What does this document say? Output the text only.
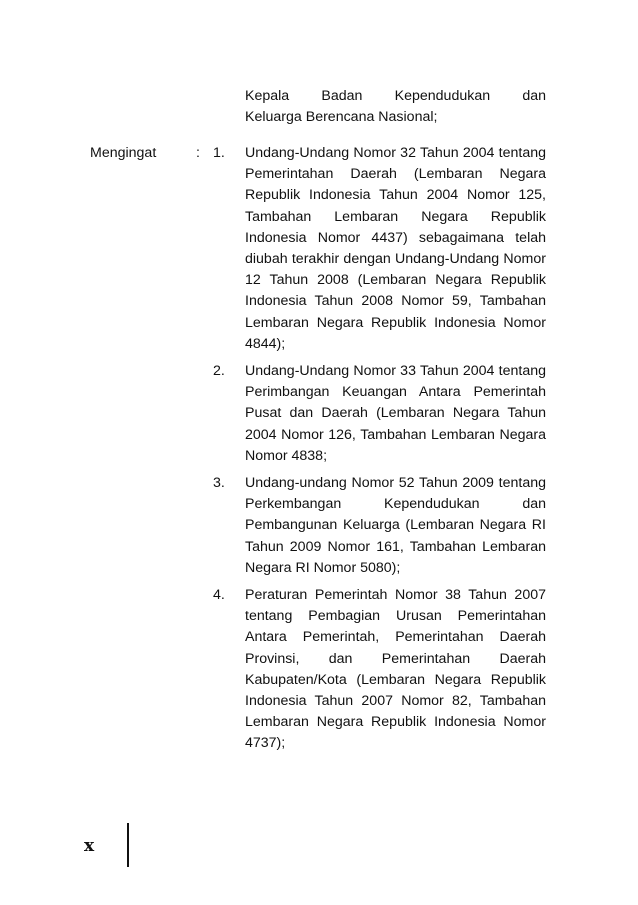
Kepala Badan Kependudukan dan

Keluarga Berencana Nasional;

Mengingat	: 1. Undang-Undang Nomor 32 Tahun 2004 tentang Pemerintahan Daerah (Lembaran Negara Republik Indonesia Tahun 2004 Nomor 125, Tambahan Lembaran Negara Republik Indonesia Nomor 4437) sebagaimana telah diubah terakhir dengan Undang-Undang Nomor 12 Tahun 2008 (Lembaran Negara Republik Indonesia Tahun 2008 Nomor 59, Tambahan Lembaran Negara Republik Indonesia Nomor 4844);
2. Undang-Undang Nomor 33 Tahun 2004 tentang Perimbangan Keuangan Antara Pemerintah Pusat dan Daerah (Lembaran Negara Tahun 2004 Nomor 126, Tambahan Lembaran Negara Nomor 4838;
3. Undang-undang Nomor 52 Tahun 2009 tentang Perkembangan Kependudukan dan Pembangunan Keluarga (Lembaran Negara RI Tahun 2009 Nomor 161, Tambahan Lembaran Negara RI Nomor 5080);
4. Peraturan Pemerintah Nomor 38 Tahun 2007 tentang Pembagian Urusan Pemerintahan Antara Pemerintah, Pemerintahan Daerah Provinsi, dan Pemerintahan Daerah Kabupaten/Kota (Lembaran Negara Republik Indonesia Tahun 2007 Nomor 82, Tambahan Lembaran Negara Republik Indonesia Nomor 4737);
x
